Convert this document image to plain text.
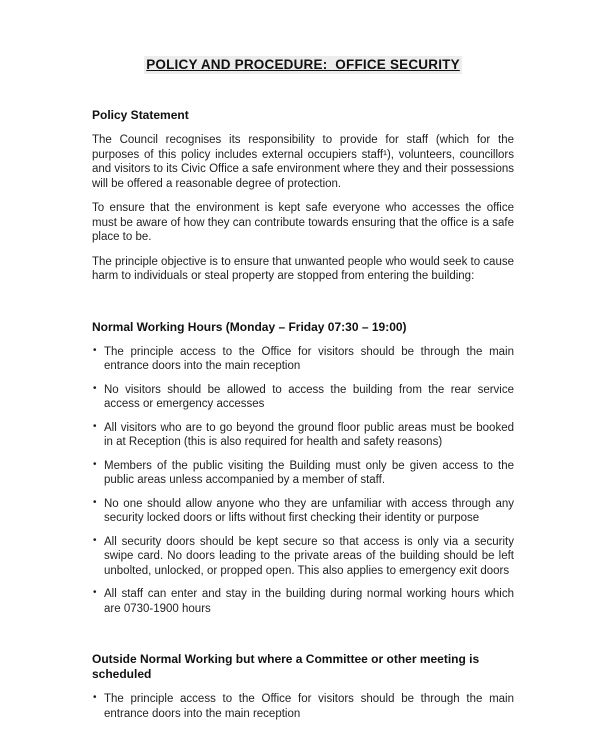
POLICY AND PROCEDURE:  OFFICE SECURITY
Policy Statement

The Council recognises its responsibility to provide for staff (which for the purposes of this policy includes external occupiers staff¹), volunteers, councillors and visitors to its Civic Office a safe environment where they and their possessions will be offered a reasonable degree of protection.

To ensure that the environment is kept safe everyone who accesses the office must be aware of how they can contribute towards ensuring that the office is a safe place to be.

The principle objective is to ensure that unwanted people who would seek to cause harm to individuals or steal property are stopped from entering the building:

Normal Working Hours (Monday – Friday 07:30 – 19:00)
• The principle access to the Office for visitors should be through the main entrance doors into the main reception
• No visitors should be allowed to access the building from the rear service access or emergency accesses
• All visitors who are to go beyond the ground floor public areas must be booked in at Reception (this is also required for health and safety reasons)
• Members of the public visiting the Building must only be given access to the public areas unless accompanied by a member of staff.
• No one should allow anyone who they are unfamiliar with access through any security locked doors or lifts without first checking their identity or purpose
• All security doors should be kept secure so that access is only via a security swipe card. No doors leading to the private areas of the building should be left unbolted, unlocked, or propped open. This also applies to emergency exit doors
• All staff can enter and stay in the building during normal working hours which are 0730-1900 hours
Outside Normal Working but where a Committee or other meeting is scheduled
• The principle access to the Office for visitors should be through the main entrance doors into the main reception
